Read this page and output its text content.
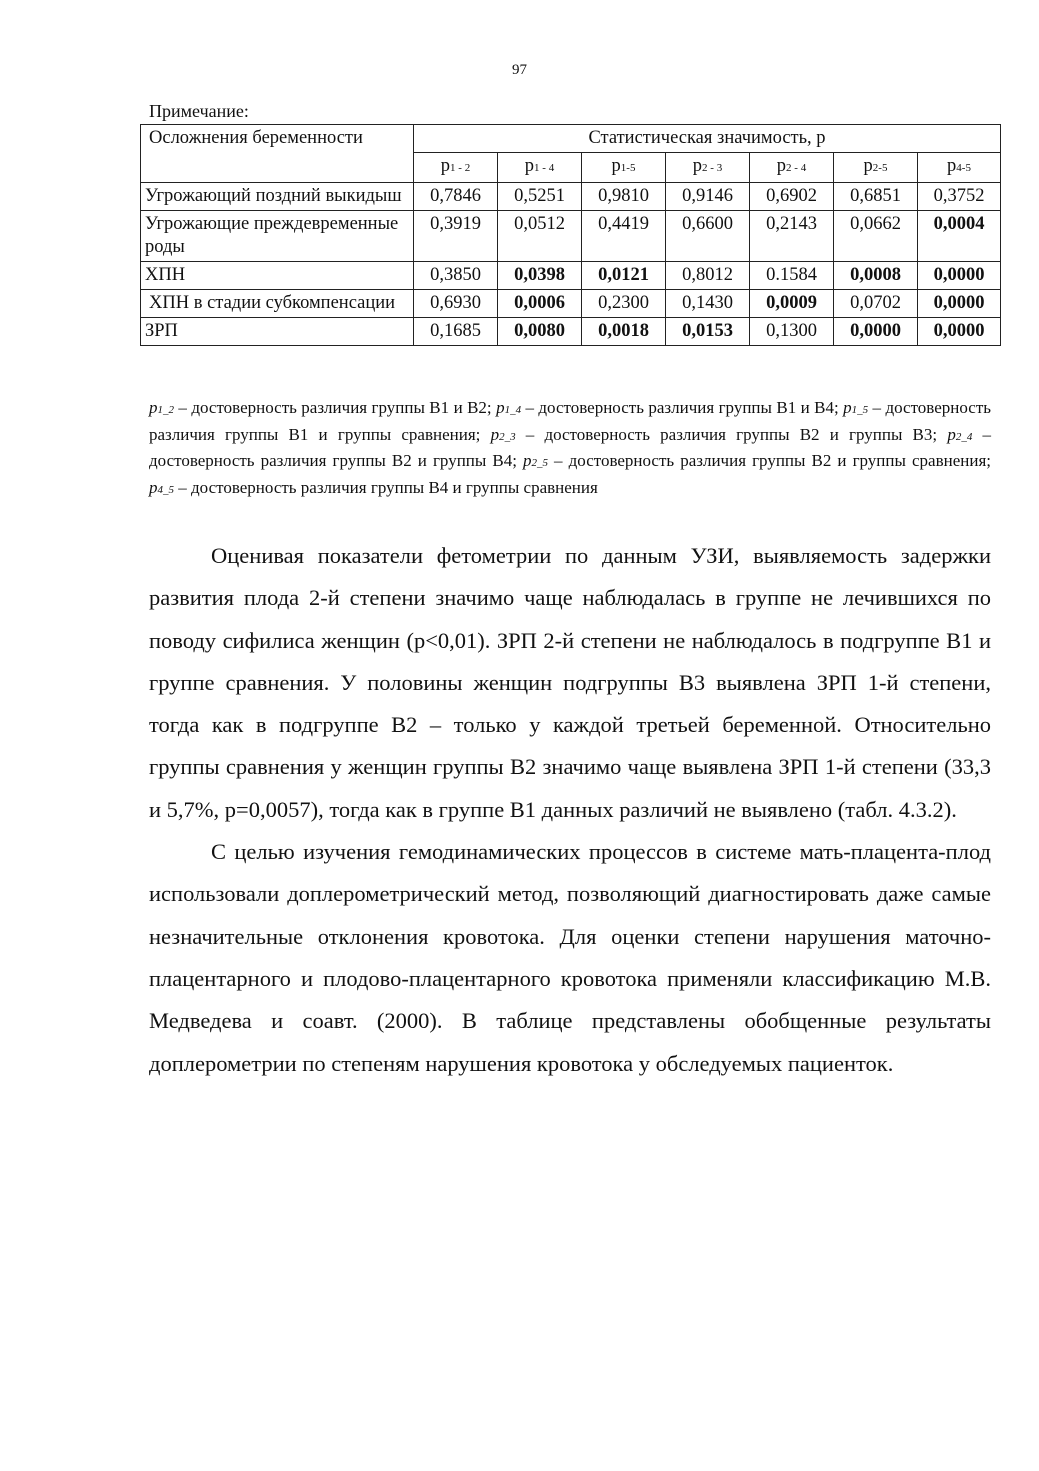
97
Примечание:
Осложнения беременности	Статистическая значимость, р						
	р1 - 2	р1 - 4	р1-5	р2 - 3	р2 - 4	р2-5	р4-5
Угрожающий поздний выкидыш	0,7846	0,5251	0,9810	0,9146	0,6902	0,6851	0,3752
Угрожающие преждевременные роды	0,3919	0,0512	0,4419	0,6600	0,2143	0,0662	0,0004
ХПН	0,3850	0,0398	0,0121	0,8012	0.1584	0,0008	0,0000
ХПН в стадии субкомпенсации	0,6930	0,0006	0,2300	0,1430	0,0009	0,0702	0,0000
ЗРП	0,1685	0,0080	0,0018	0,0153	0,1300	0,0000	0,0000
р1_2 – достоверность различия группы В1 и В2; р1_4 – достоверность различия группы В1 и В4; р1_5 – достоверность различия группы В1 и группы сравнения; р2_3 – достоверность различия группы В2 и группы В3; р2_4 – достоверность различия группы В2 и группы В4; р2_5 – достоверность различия группы В2 и группы сравнения; р4_5 – достоверность различия группы В4 и группы сравнения

Оценивая показатели фетометрии по данным УЗИ, выявляемость задержки развития плода 2-й степени значимо чаще наблюдалась в группе не лечившихся по поводу сифилиса женщин (р<0,01). ЗРП 2-й степени не наблюдалось в подгруппе В1 и группе сравнения. У половины женщин подгруппы В3 выявлена ЗРП 1-й степени, тогда как в подгруппе В2 – только у каждой третьей беременной. Относительно группы сравнения у женщин группы В2 значимо чаще выявлена ЗРП 1-й степени (33,3 и 5,7%, р=0,0057), тогда как в группе В1 данных различий не выявлено (табл. 4.3.2).

С целью изучения гемодинамических процессов в системе мать-плацента-плод использовали доплерометрический метод, позволяющий диагностировать даже самые незначительные отклонения кровотока. Для оценки степени нарушения маточно-плацентарного и плодово-плацентарного кровотока применяли классификацию М.В. Медведева и соавт. (2000). В таблице представлены обобщенные результаты доплерометрии по степеням нарушения кровотока у обследуемых пациенток.
